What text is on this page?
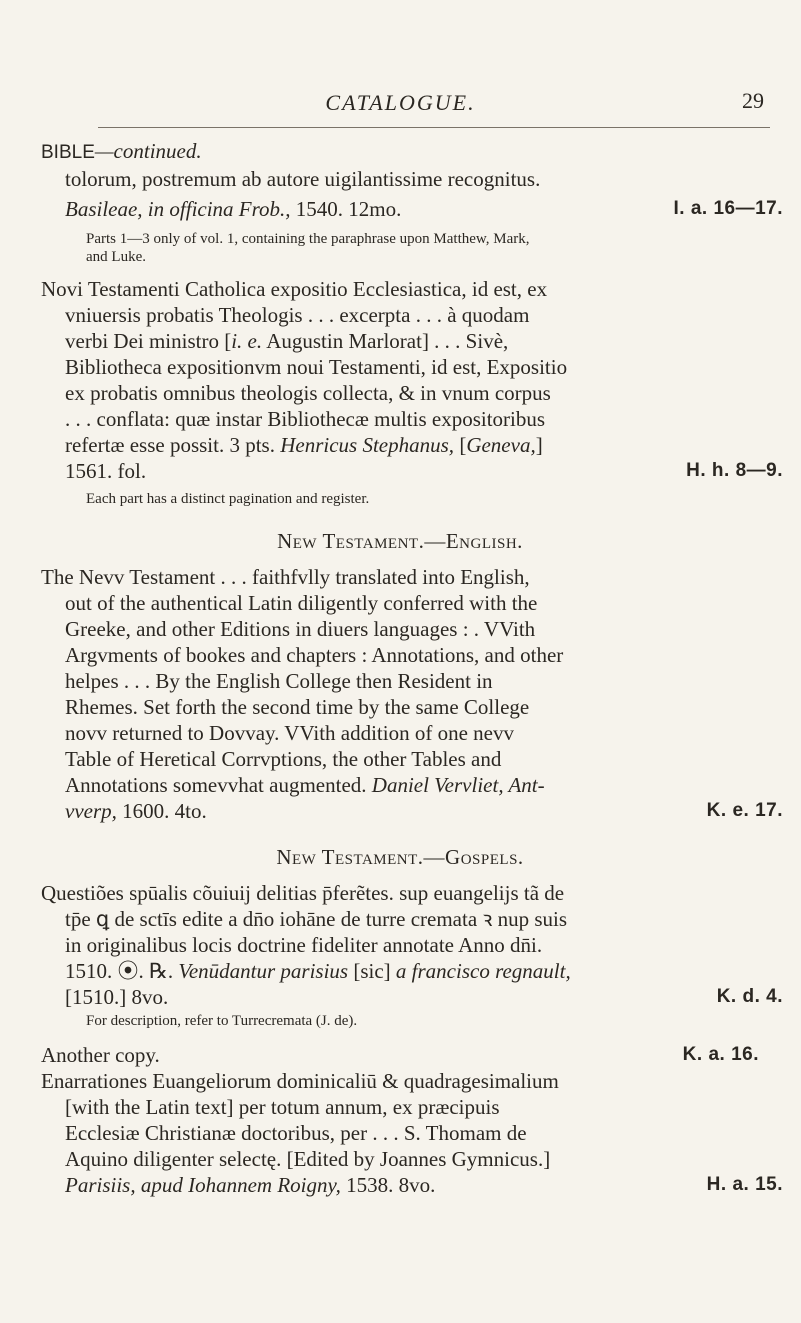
CATALOGUE.	29
BIBLE—continued.
tolorum, postremum ab autore uigilantissime recognitus.
Basileae, in officina Frob., 1540. 12mo.	I. a. 16—17.
Parts 1—3 only of vol. 1, containing the paraphrase upon Matthew, Mark,
and Luke.
Novi Testamenti Catholica expositio Ecclesiastica, id est, ex
vniuersis probatis Theologis . . . excerpta . . . à quodam
verbi Dei ministro [i. e. Augustin Marlorat] . . . Sivè,
Bibliotheca expositionvm noui Testamenti, id est, Expositio
ex probatis omnibus theologis collecta, & in vnum corpus
. . . conflata: quæ instar Bibliothecæ multis expositoribus
refertæ esse possit. 3 pts. Henricus Stephanus, [Geneva,]
1561. fol.	H. h. 8—9.
Each part has a distinct pagination and register.
New Testament.—English.
The Nevv Testament . . . faithfvlly translated into English,
out of the authentical Latin diligently conferred with the
Greeke, and other Editions in diuers languages : . VVith
Argvments of bookes and chapters : Annotations, and other
helpes . . . By the English College then Resident in
Rhemes. Set forth the second time by the same College
novv returned to Dovvay. VVith addition of one nevv
Table of Heretical Corrvptions, the other Tables and
Annotations somevvhat augmented. Daniel Vervliet, Ant-
vverp, 1600. 4to.	K. e. 17.
New Testament.—Gospels.
Questiões spūalis cõuiuij delitias p̄ferẽtes. sup euangelijs tã de
tp̄e ꝗ de sctīs edite a dn̄o iohāne de turre cremata ꝛ nup suis
in originalibus locis doctrine fideliter annotate Anno dn̄i.
1510. ⦿. ℞. Venūdantur parisius [sic] a francisco regnault,
[1510.] 8vo.	K. d. 4.
For description, refer to Turrecremata (J. de).
Another copy.	K. a. 16.
Enarrationes Euangeliorum dominicaliū & quadragesimalium
[with the Latin text] per totum annum, ex præcipuis
Ecclesiæ Christianæ doctoribus, per . . . S. Thomam de
Aquino diligenter selectę. [Edited by Joannes Gymnicus.]
Parisiis, apud Iohannem Roigny, 1538. 8vo.	H. a. 15.
